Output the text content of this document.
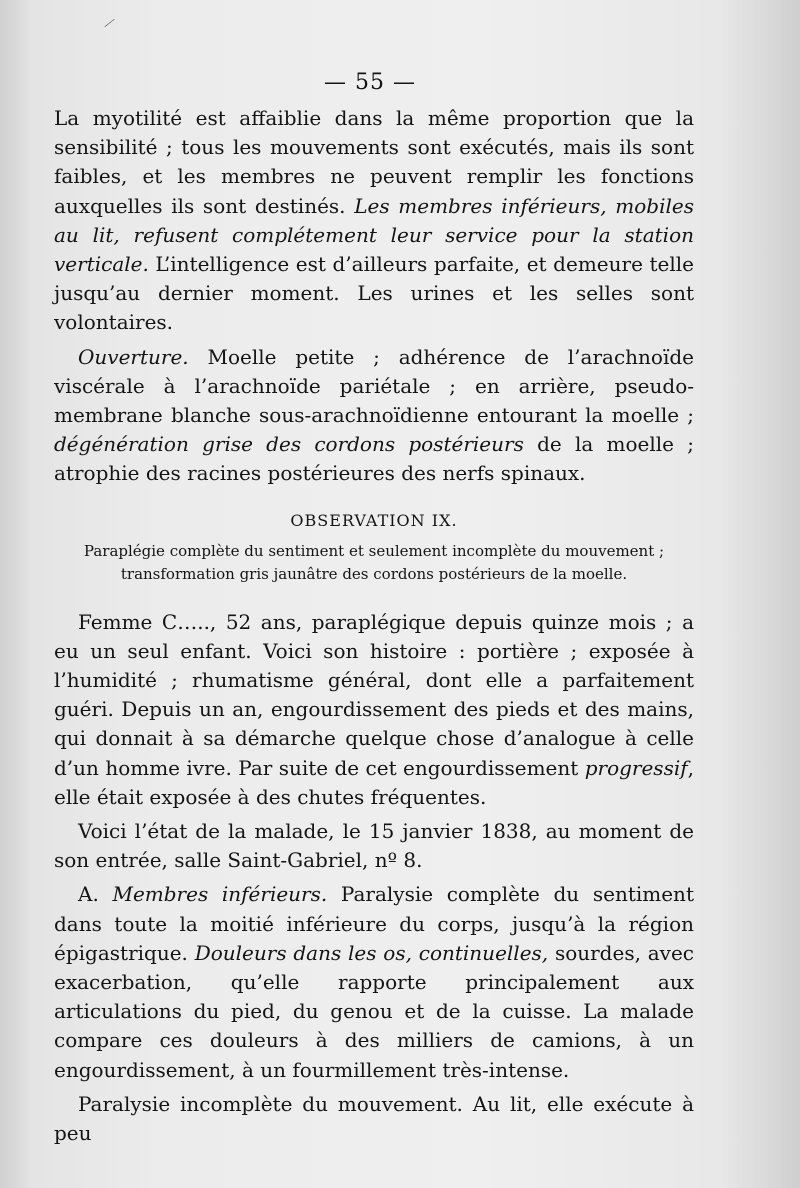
⁄
— 55 —

La myotilité est affaiblie dans la même proportion que la sensibilité ; tous les mouvements sont exécutés, mais ils sont faibles, et les membres ne peuvent remplir les fonctions auxquelles ils sont destinés. Les membres inférieurs, mobiles au lit, refusent complétement leur service pour la station verticale. L’intelligence est d’ailleurs parfaite, et demeure telle jusqu’au dernier moment. Les urines et les selles sont volontaires.

Ouverture. Moelle petite ; adhérence de l’arachnoïde viscérale à l’arachnoïde pariétale ; en arrière, pseudo-membrane blanche sous-arachnoïdienne entourant la moelle ; dégénération grise des cordons postérieurs de la moelle ; atrophie des racines postérieures des nerfs spinaux.

OBSERVATION IX.
Paraplégie complète du sentiment et seulement incomplète du mouvement ;
transformation gris jaunâtre des cordons postérieurs de la moelle.

Femme C….., 52 ans, paraplégique depuis quinze mois ; a eu un seul enfant. Voici son histoire : portière ; exposée à l’humidité ; rhumatisme général, dont elle a parfaitement guéri. Depuis un an, engourdissement des pieds et des mains, qui donnait à sa démarche quelque chose d’analogue à celle d’un homme ivre. Par suite de cet engourdissement progressif, elle était exposée à des chutes fréquentes.

Voici l’état de la malade, le 15 janvier 1838, au moment de son entrée, salle Saint-Gabriel, nº 8.

A. Membres inférieurs. Paralysie complète du sentiment dans toute la moitié inférieure du corps, jusqu’à la région épigastrique. Douleurs dans les os, continuelles, sourdes, avec exacerbation, qu’elle rapporte principalement aux articulations du pied, du genou et de la cuisse. La malade compare ces douleurs à des milliers de camions, à un engourdissement, à un fourmillement très-intense.

Paralysie incomplète du mouvement. Au lit, elle exécute à peu
